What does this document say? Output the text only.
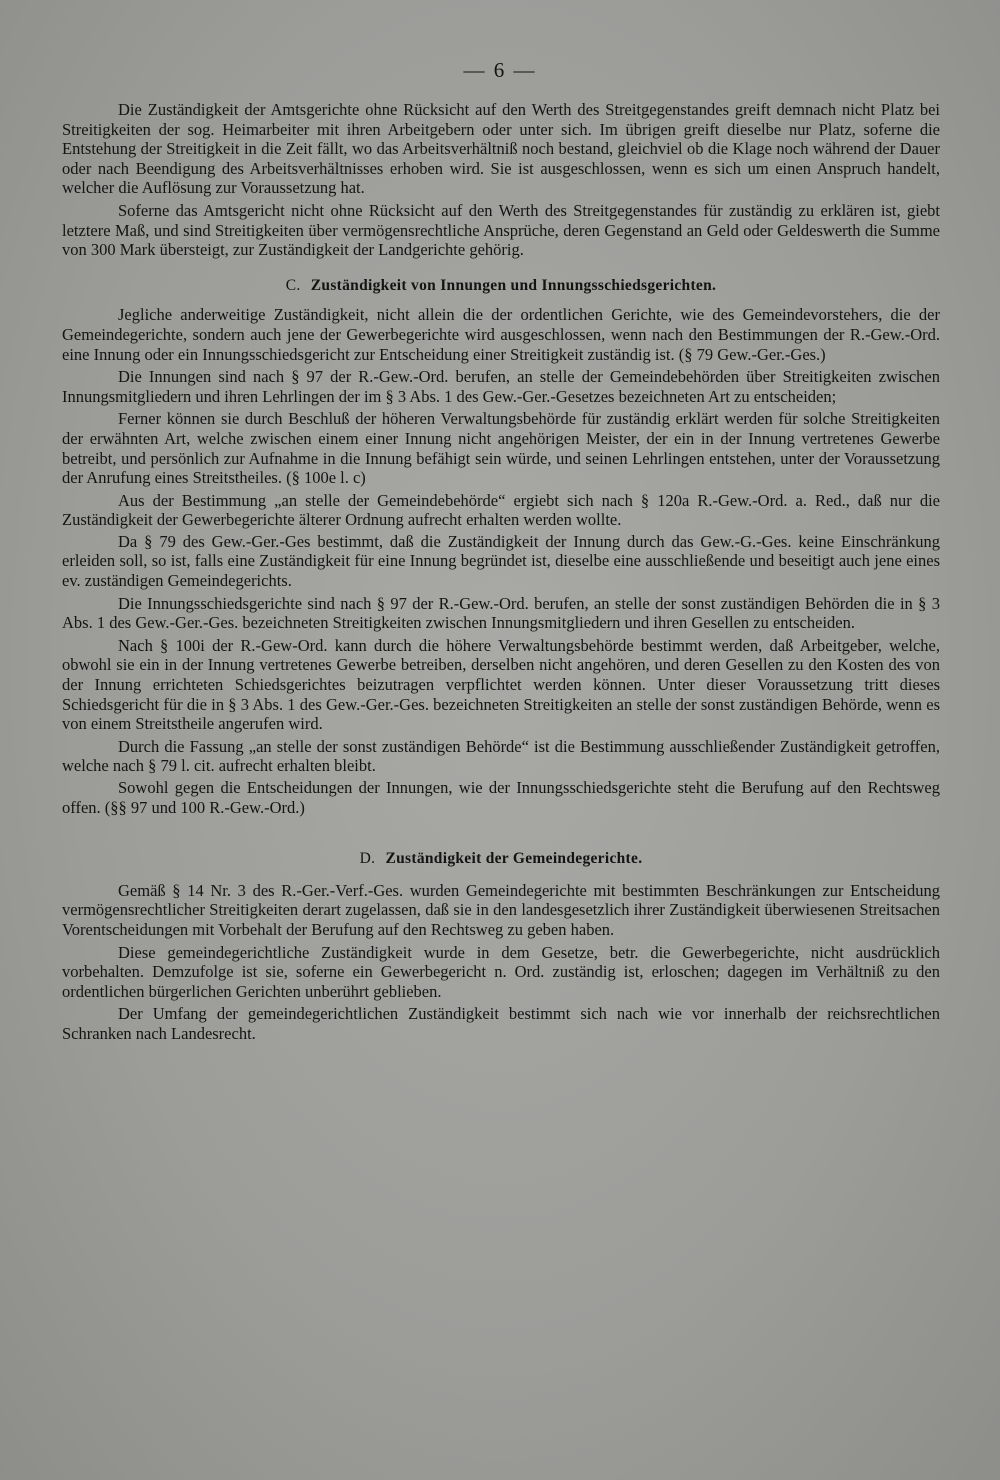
— 6 —

Die Zuständigkeit der Amtsgerichte ohne Rücksicht auf den Werth des Streitgegenstandes greift demnach nicht Platz bei Streitigkeiten der sog. Heimarbeiter mit ihren Arbeitgebern oder unter sich. Im übrigen greift dieselbe nur Platz, soferne die Entstehung der Streitigkeit in die Zeit fällt, wo das Arbeitsverhältniß noch bestand, gleichviel ob die Klage noch während der Dauer oder nach Beendigung des Arbeitsverhältnisses erhoben wird. Sie ist ausgeschlossen, wenn es sich um einen Anspruch handelt, welcher die Auflösung zur Voraussetzung hat.

Soferne das Amtsgericht nicht ohne Rücksicht auf den Werth des Streitgegenstandes für zuständig zu erklären ist, giebt letztere Maß, und sind Streitigkeiten über vermögensrechtliche Ansprüche, deren Gegenstand an Geld oder Geldeswerth die Summe von 300 Mark übersteigt, zur Zuständigkeit der Landgerichte gehörig.

C. Zuständigkeit von Innungen und Innungsschiedsgerichten.

Jegliche anderweitige Zuständigkeit, nicht allein die der ordentlichen Gerichte, wie des Gemeindevorstehers, die der Gemeindegerichte, sondern auch jene der Gewerbegerichte wird ausgeschlossen, wenn nach den Bestimmungen der R.-Gew.-Ord. eine Innung oder ein Innungsschiedsgericht zur Entscheidung einer Streitigkeit zuständig ist. (§ 79 Gew.-Ger.-Ges.)

Die Innungen sind nach § 97 der R.-Gew.-Ord. berufen, an stelle der Gemeindebehörden über Streitigkeiten zwischen Innungsmitgliedern und ihren Lehrlingen der im § 3 Abs. 1 des Gew.-Ger.-Gesetzes bezeichneten Art zu entscheiden;

Ferner können sie durch Beschluß der höheren Verwaltungsbehörde für zuständig erklärt werden für solche Streitigkeiten der erwähnten Art, welche zwischen einem einer Innung nicht angehörigen Meister, der ein in der Innung vertretenes Gewerbe betreibt, und persönlich zur Aufnahme in die Innung befähigt sein würde, und seinen Lehrlingen entstehen, unter der Voraussetzung der Anrufung eines Streitstheiles. (§ 100e l. c)

Aus der Bestimmung „an stelle der Gemeindebehörde“ ergiebt sich nach § 120a R.-Gew.-Ord. a. Red., daß nur die Zuständigkeit der Gewerbegerichte älterer Ordnung aufrecht erhalten werden wollte.

Da § 79 des Gew.-Ger.-Ges bestimmt, daß die Zuständigkeit der Innung durch das Gew.-G.-Ges. keine Einschränkung erleiden soll, so ist, falls eine Zuständigkeit für eine Innung begründet ist, dieselbe eine ausschließende und beseitigt auch jene eines ev. zuständigen Gemeindegerichts.

Die Innungsschiedsgerichte sind nach § 97 der R.-Gew.-Ord. berufen, an stelle der sonst zuständigen Behörden die in § 3 Abs. 1 des Gew.-Ger.-Ges. bezeichneten Streitigkeiten zwischen Innungsmitgliedern und ihren Gesellen zu entscheiden.

Nach § 100i der R.-Gew-Ord. kann durch die höhere Verwaltungsbehörde bestimmt werden, daß Arbeitgeber, welche, obwohl sie ein in der Innung vertretenes Gewerbe betreiben, derselben nicht angehören, und deren Gesellen zu den Kosten des von der Innung errichteten Schiedsgerichtes beizutragen verpflichtet werden können. Unter dieser Voraussetzung tritt dieses Schiedsgericht für die in § 3 Abs. 1 des Gew.-Ger.-Ges. bezeichneten Streitigkeiten an stelle der sonst zuständigen Behörde, wenn es von einem Streitstheile angerufen wird.

Durch die Fassung „an stelle der sonst zuständigen Behörde“ ist die Bestimmung ausschließender Zuständigkeit getroffen, welche nach § 79 l. cit. aufrecht erhalten bleibt.

Sowohl gegen die Entscheidungen der Innungen, wie der Innungsschiedsgerichte steht die Berufung auf den Rechtsweg offen. (§§ 97 und 100 R.-Gew.-Ord.)

D. Zuständigkeit der Gemeindegerichte.

Gemäß § 14 Nr. 3 des R.-Ger.-Verf.-Ges. wurden Gemeindegerichte mit bestimmten Beschränkungen zur Entscheidung vermögensrechtlicher Streitigkeiten derart zugelassen, daß sie in den landesgesetzlich ihrer Zuständigkeit überwiesenen Streitsachen Vorentscheidungen mit Vorbehalt der Berufung auf den Rechtsweg zu geben haben.

Diese gemeindegerichtliche Zuständigkeit wurde in dem Gesetze, betr. die Gewerbegerichte, nicht ausdrücklich vorbehalten. Demzufolge ist sie, soferne ein Gewerbegericht n. Ord. zuständig ist, erloschen; dagegen im Verhältniß zu den ordentlichen bürgerlichen Gerichten unberührt geblieben.

Der Umfang der gemeindegerichtlichen Zuständigkeit bestimmt sich nach wie vor innerhalb der reichsrechtlichen Schranken nach Landesrecht.
